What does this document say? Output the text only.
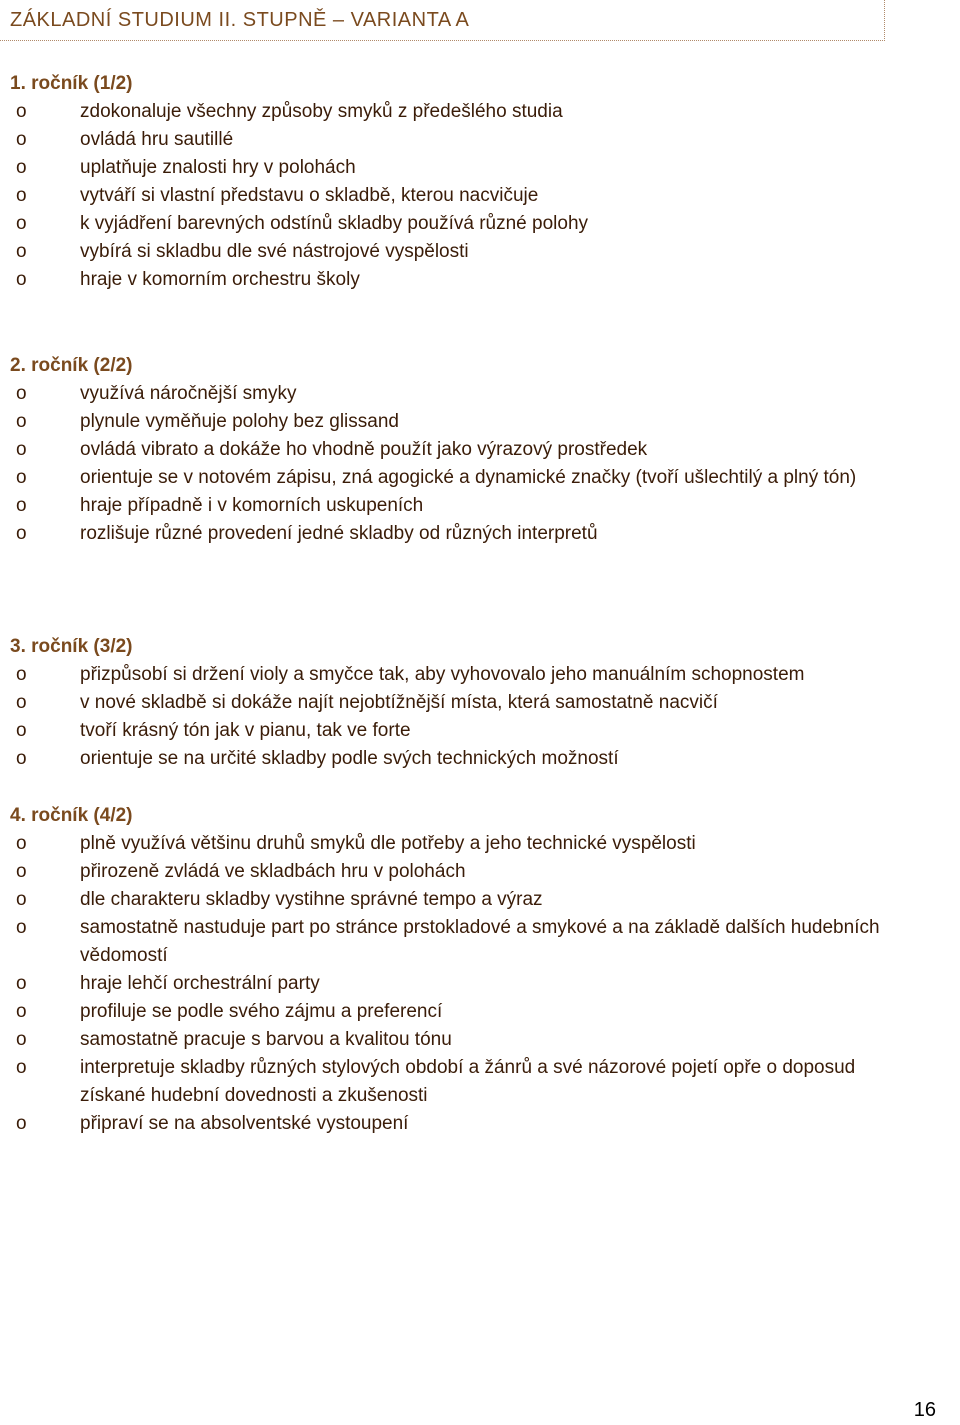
ZÁKLADNÍ STUDIUM II. STUPNĚ – VARIANTA A
1. ročník (1/2)
o	zdokonaluje všechny způsoby smyků z předešlého studia
o	ovládá hru sautillé
o	uplatňuje znalosti hry v polohách
o	vytváří si vlastní představu o skladbě, kterou nacvičuje
o	k vyjádření barevných odstínů skladby používá různé polohy
o	vybírá si skladbu dle své nástrojové vyspělosti
o	hraje v komorním orchestru školy
2. ročník (2/2)
o	využívá náročnější smyky
o	plynule vyměňuje polohy bez glissand
o	ovládá vibrato a dokáže ho vhodně použít jako výrazový prostředek
o	orientuje se v notovém zápisu, zná agogické a dynamické značky (tvoří ušlechtilý a plný tón)
o	hraje případně i v komorních uskupeních
o	rozlišuje různé provedení jedné skladby od různých interpretů
3. ročník (3/2)
o	přizpůsobí si držení violy a smyčce tak, aby vyhovovalo jeho manuálním schopnostem
o	v nové skladbě si dokáže najít nejobtížnější místa, která samostatně nacvičí
o	tvoří krásný tón jak v pianu, tak ve forte
o	orientuje se na určité skladby podle svých technických možností
4. ročník (4/2)
o	plně využívá většinu druhů smyků dle potřeby a jeho technické vyspělosti
o	přirozeně zvládá ve skladbách hru v polohách
o	dle charakteru skladby vystihne správné tempo a výraz
o	samostatně nastuduje part po stránce prstokladové a smykové a na základě dalších hudebních vědomostí
o	hraje lehčí orchestrální party
o	profiluje se podle svého zájmu a preferencí
o	samostatně pracuje s barvou a kvalitou tónu
o	interpretuje skladby různých stylových období a žánrů a své názorové pojetí opře o doposud získané hudební dovednosti a zkušenosti
o	připraví se na absolventské vystoupení
16
